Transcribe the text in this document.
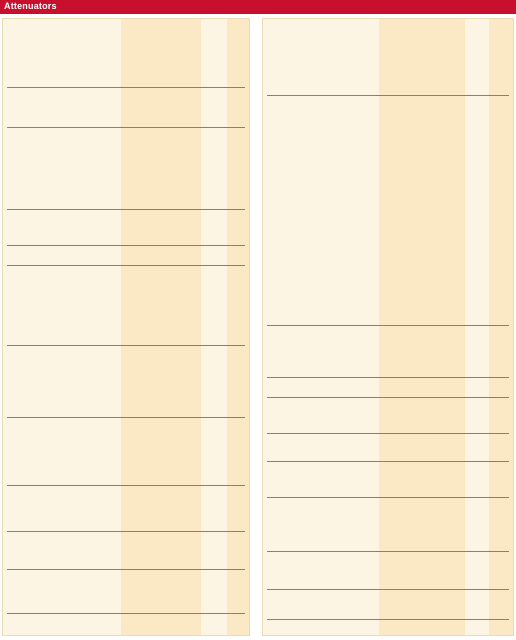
Attenuators
